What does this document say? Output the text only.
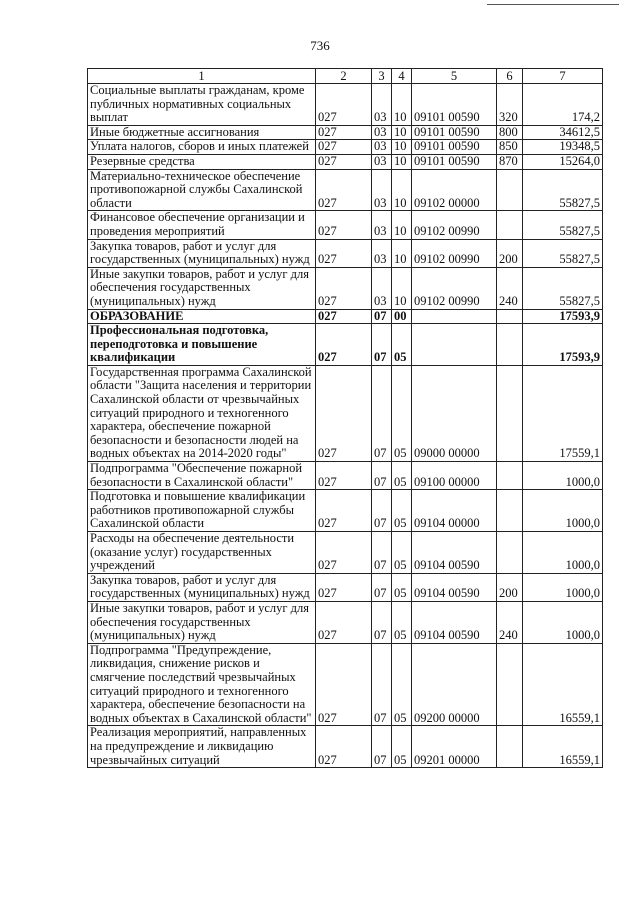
736
1	2	3	4	5	6	7
Социальные выплаты гражданам, кроме публичных нормативных социальных выплат	027	03	10	09101 00590	320	174,2
Иные бюджетные ассигнования	027	03	10	09101 00590	800	34612,5
Уплата налогов, сборов и иных платежей	027	03	10	09101 00590	850	19348,5
Резервные средства	027	03	10	09101 00590	870	15264,0
Материально-техническое обеспечение противопожарной службы Сахалинской области	027	03	10	09102 00000		55827,5
Финансовое обеспечение организации и проведения мероприятий	027	03	10	09102 00990		55827,5
Закупка товаров, работ и услуг для государственных (муниципальных) нужд	027	03	10	09102 00990	200	55827,5
Иные закупки товаров, работ и услуг для обеспечения государственных (муниципальных) нужд	027	03	10	09102 00990	240	55827,5
ОБРАЗОВАНИЕ	027	07	00			17593,9
Профессиональная подготовка, переподготовка и повышение квалификации	027	07	05			17593,9
Государственная программа Сахалинской области "Защита населения и территории Сахалинской области от чрезвычайных ситуаций природного и техногенного характера, обеспечение пожарной безопасности и безопасности людей на водных объектах на 2014-2020 годы"	027	07	05	09000 00000		17559,1
Подпрограмма "Обеспечение пожарной безопасности в Сахалинской области"	027	07	05	09100 00000		1000,0
Подготовка и повышение квалификации работников противопожарной службы Сахалинской области	027	07	05	09104 00000		1000,0
Расходы на обеспечение деятельности (оказание услуг) государственных учреждений	027	07	05	09104 00590		1000,0
Закупка товаров, работ и услуг для государственных (муниципальных) нужд	027	07	05	09104 00590	200	1000,0
Иные закупки товаров, работ и услуг для обеспечения государственных (муниципальных) нужд	027	07	05	09104 00590	240	1000,0
Подпрограмма "Предупреждение, ликвидация, снижение рисков и смягчение последствий чрезвычайных ситуаций природного и техногенного характера, обеспечение безопасности на водных объектах в Сахалинской области"	027	07	05	09200 00000		16559,1
Реализация мероприятий, направленных на предупреждение и ликвидацию чрезвычайных ситуаций	027	07	05	09201 00000		16559,1
